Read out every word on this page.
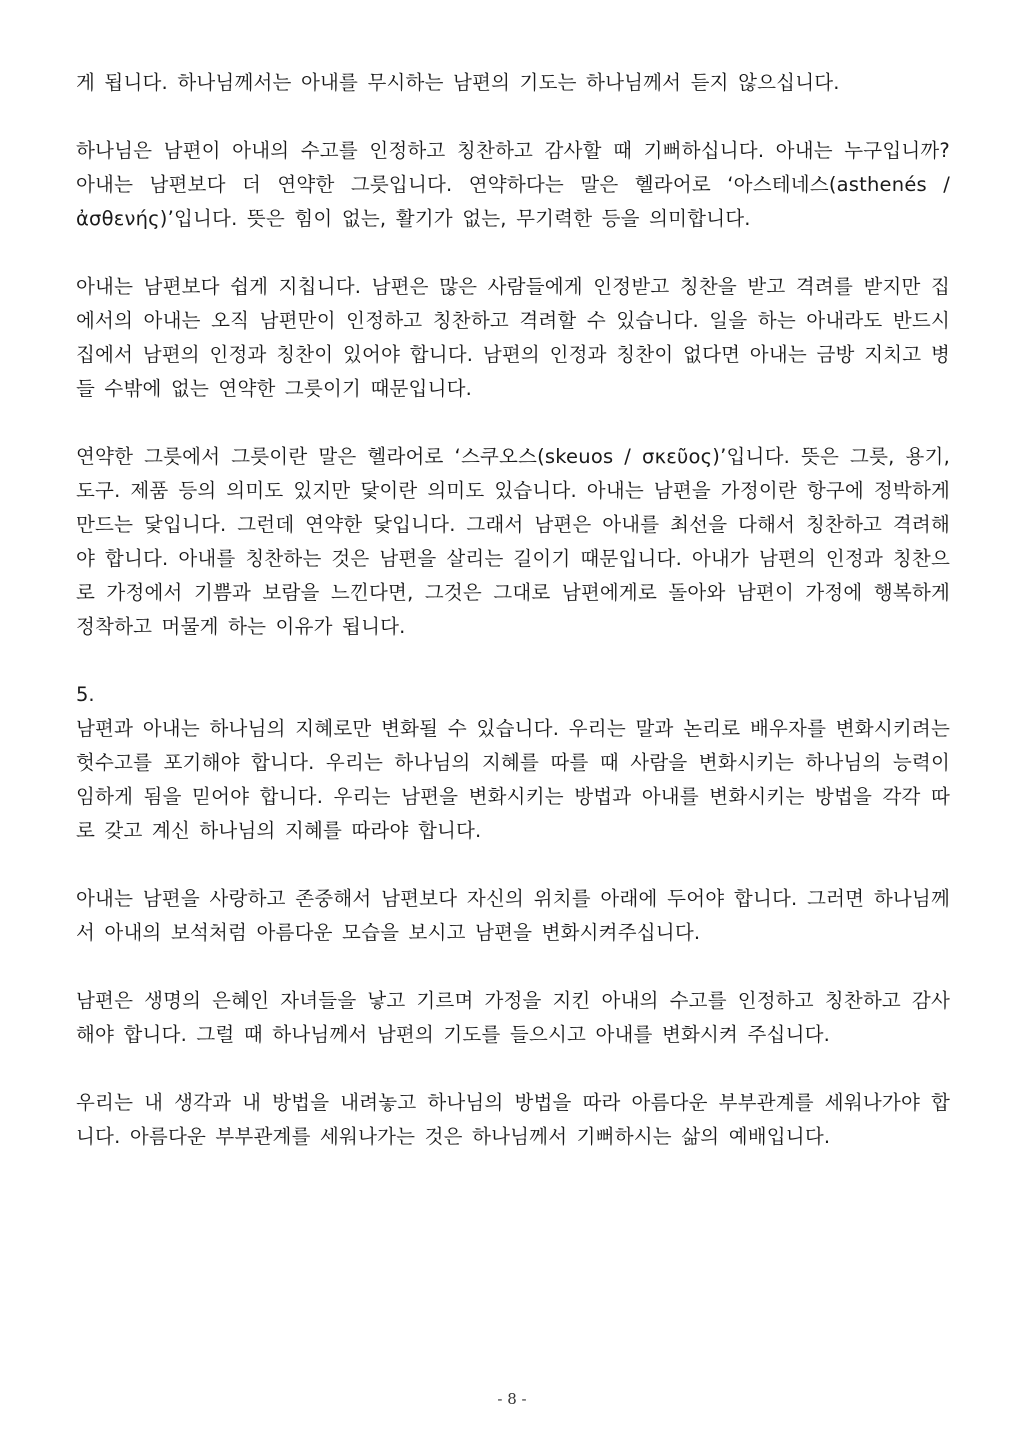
게 됩니다. 하나님께서는 아내를 무시하는 남편의 기도는 하나님께서 듣지 않으십니다.

하나님은 남편이 아내의 수고를 인정하고 칭찬하고 감사할 때 기뻐하십니다. 아내는 누구입니까? 아내는 남편보다 더 연약한 그릇입니다. 연약하다는 말은 헬라어로 ‘아스테네스(asthenés / ἀσθενής)’입니다. 뜻은 힘이 없는, 활기가 없는, 무기력한 등을 의미합니다.

아내는 남편보다 쉽게 지칩니다. 남편은 많은 사람들에게 인정받고 칭찬을 받고 격려를 받지만 집에서의 아내는 오직 남편만이 인정하고 칭찬하고 격려할 수 있습니다. 일을 하는 아내라도 반드시 집에서 남편의 인정과 칭찬이 있어야 합니다. 남편의 인정과 칭찬이 없다면 아내는 금방 지치고 병들 수밖에 없는 연약한 그릇이기 때문입니다.

연약한 그릇에서 그릇이란 말은 헬라어로 ‘스쿠오스(skeuos / σκεῦος)’입니다. 뜻은 그릇, 용기, 도구. 제품 등의 의미도 있지만 닻이란 의미도 있습니다. 아내는 남편을 가정이란 항구에 정박하게 만드는 닻입니다. 그런데 연약한 닻입니다. 그래서 남편은 아내를 최선을 다해서 칭찬하고 격려해야 합니다. 아내를 칭찬하는 것은 남편을 살리는 길이기 때문입니다. 아내가 남편의 인정과 칭찬으로 가정에서 기쁨과 보람을 느낀다면, 그것은 그대로 남편에게로 돌아와 남편이 가정에 행복하게 정착하고 머물게 하는 이유가 됩니다.

5.

남편과 아내는 하나님의 지혜로만 변화될 수 있습니다. 우리는 말과 논리로 배우자를 변화시키려는 헛수고를 포기해야 합니다. 우리는 하나님의 지혜를 따를 때 사람을 변화시키는 하나님의 능력이 임하게 됨을 믿어야 합니다. 우리는 남편을 변화시키는 방법과 아내를 변화시키는 방법을 각각 따로 갖고 계신 하나님의 지혜를 따라야 합니다.

아내는 남편을 사랑하고 존중해서 남편보다 자신의 위치를 아래에 두어야 합니다. 그러면 하나님께서 아내의 보석처럼 아름다운 모습을 보시고 남편을 변화시켜주십니다.

남편은 생명의 은혜인 자녀들을 낳고 기르며 가정을 지킨 아내의 수고를 인정하고 칭찬하고 감사해야 합니다. 그럴 때 하나님께서 남편의 기도를 들으시고 아내를 변화시켜 주십니다.

우리는 내 생각과 내 방법을 내려놓고 하나님의 방법을 따라 아름다운 부부관계를 세워나가야 합니다. 아름다운 부부관계를 세워나가는 것은 하나님께서 기뻐하시는 삶의 예배입니다.

- 8 -
